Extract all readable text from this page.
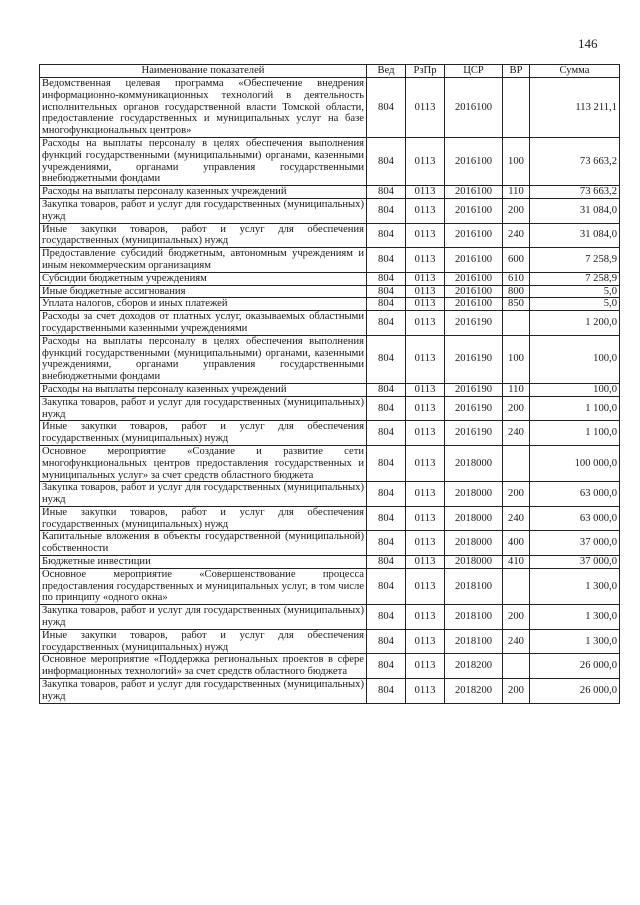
146
Наименование показателей	Вед	РзПр	ЦСР	ВР	Сумма
Ведомственная целевая программа «Обеспечение внедрения информационно-коммуникационных технологий в деятельность исполнительных органов государственной власти Томской области, предоставление государственных и муниципальных услуг на базе многофункциональных центров»	804	0113	2016100		113 211,1
Расходы на выплаты персоналу в целях обеспечения выполнения функций государственными (муниципальными) органами, казенными учреждениями, органами управления государственными внебюджетными фондами	804	0113	2016100	100	73 663,2
Расходы на выплаты персоналу казенных учреждений	804	0113	2016100	110	73 663,2
Закупка товаров, работ и услуг для государственных (муниципальных) нужд	804	0113	2016100	200	31 084,0
Иные закупки товаров, работ и услуг для обеспечения государственных (муниципальных) нужд	804	0113	2016100	240	31 084,0
Предоставление субсидий бюджетным, автономным учреждениям и иным некоммерческим организациям	804	0113	2016100	600	7 258,9
Субсидии бюджетным учреждениям	804	0113	2016100	610	7 258,9
Иные бюджетные ассигнования	804	0113	2016100	800	5,0
Уплата налогов, сборов и иных платежей	804	0113	2016100	850	5,0
Расходы за счет доходов от платных услуг, оказываемых областными государственными казенными учреждениями	804	0113	2016190		1 200,0
Расходы на выплаты персоналу в целях обеспечения выполнения функций государственными (муниципальными) органами, казенными учреждениями, органами управления государственными внебюджетными фондами	804	0113	2016190	100	100,0
Расходы на выплаты персоналу казенных учреждений	804	0113	2016190	110	100,0
Закупка товаров, работ и услуг для государственных (муниципальных) нужд	804	0113	2016190	200	1 100,0
Иные закупки товаров, работ и услуг для обеспечения государственных (муниципальных) нужд	804	0113	2016190	240	1 100,0
Основное мероприятие «Создание и развитие сети многофункциональных центров предоставления государственных и муниципальных услуг» за счет средств областного бюджета	804	0113	2018000		100 000,0
Закупка товаров, работ и услуг для государственных (муниципальных) нужд	804	0113	2018000	200	63 000,0
Иные закупки товаров, работ и услуг для обеспечения государственных (муниципальных) нужд	804	0113	2018000	240	63 000,0
Капитальные вложения в объекты государственной (муниципальной) собственности	804	0113	2018000	400	37 000,0
Бюджетные инвестиции	804	0113	2018000	410	37 000,0
Основное мероприятие «Совершенствование процесса предоставления государственных и муниципальных услуг, в том числе по принципу «одного окна»	804	0113	2018100		1 300,0
Закупка товаров, работ и услуг для государственных (муниципальных) нужд	804	0113	2018100	200	1 300,0
Иные закупки товаров, работ и услуг для обеспечения государственных (муниципальных) нужд	804	0113	2018100	240	1 300,0
Основное мероприятие «Поддержка региональных проектов в сфере информационных технологий» за счет средств областного бюджета	804	0113	2018200		26 000,0
Закупка товаров, работ и услуг для государственных (муниципальных) нужд	804	0113	2018200	200	26 000,0
